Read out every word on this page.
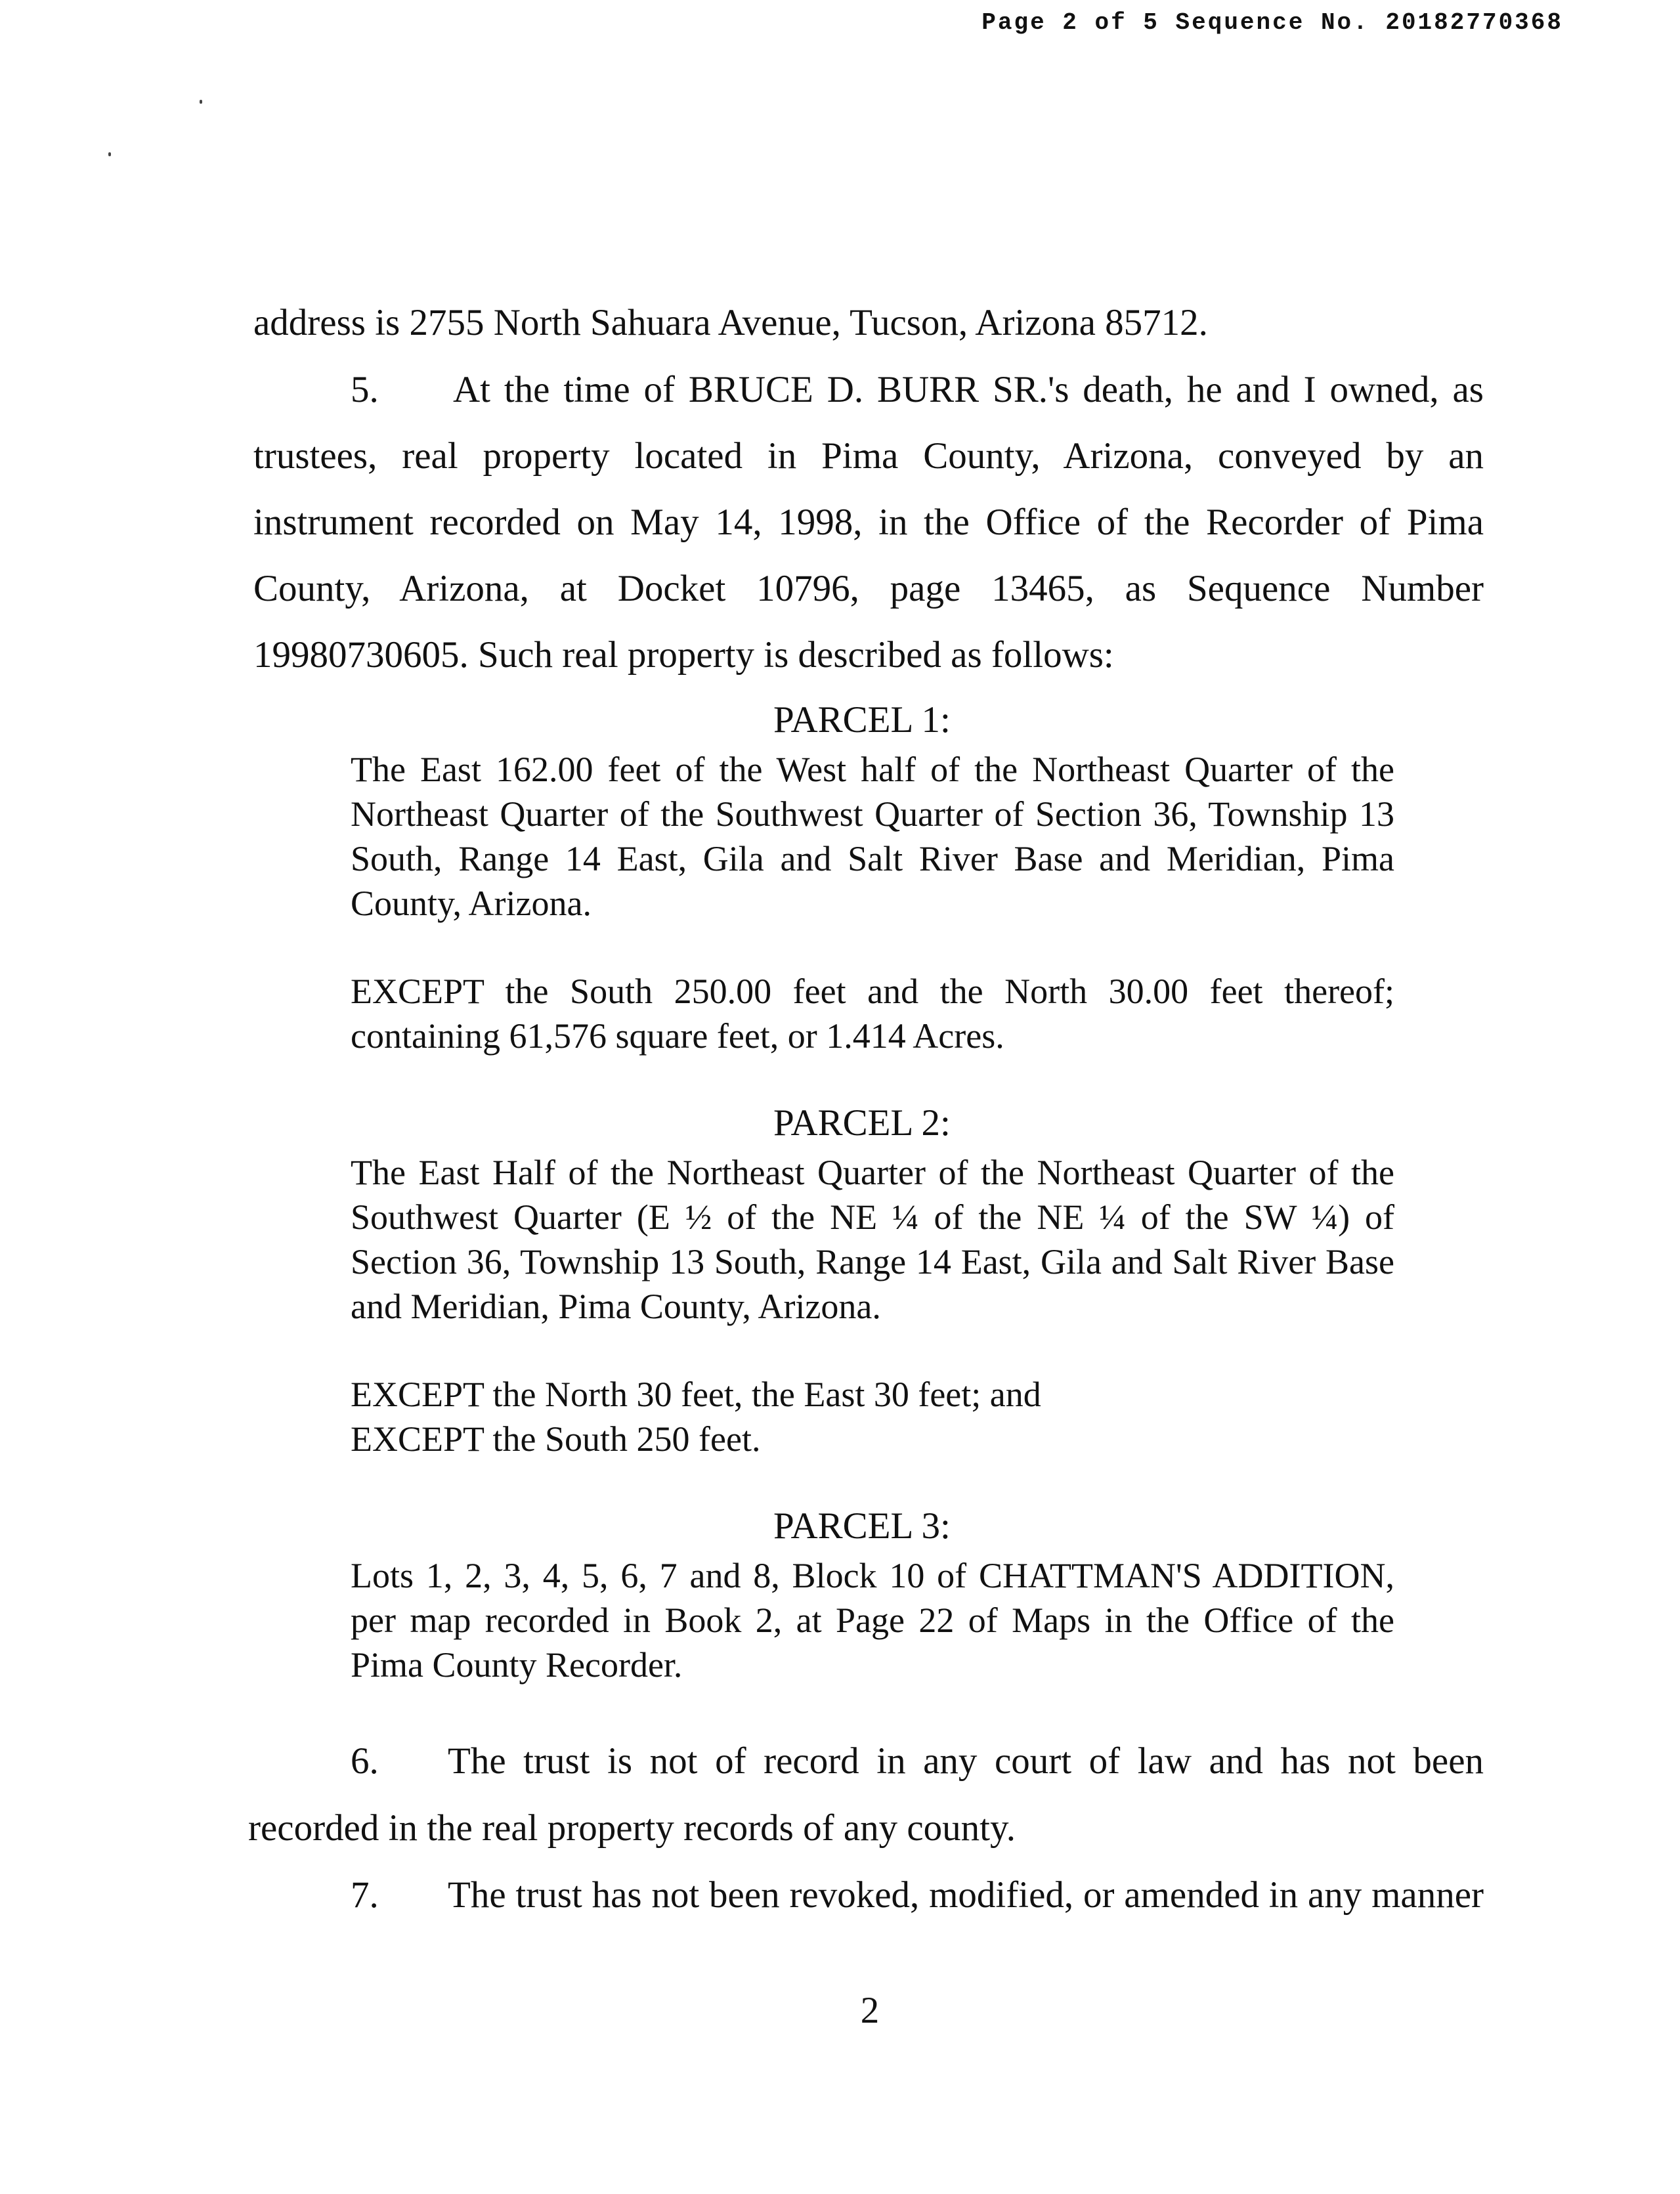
Page 2 of 5 Sequence No. 20182770368
address is 2755 North Sahuara Avenue, Tucson, Arizona 85712.
5. At the time of BRUCE D. BURR SR.'s death, he and I owned, as
trustees, real property located in Pima County, Arizona, conveyed by an
instrument recorded on May 14, 1998, in the Office of the Recorder of Pima
County, Arizona, at Docket 10796, page 13465, as Sequence Number
19980730605. Such real property is described as follows:
PARCEL 1:

The East 162.00 feet of the West half of the Northeast Quarter of the Northeast Quarter of the Southwest Quarter of Section 36, Township 13 South, Range 14 East, Gila and Salt River Base and Meridian, Pima County, Arizona.

EXCEPT the South 250.00 feet and the North 30.00 feet thereof; containing 61,576 square feet, or 1.414 Acres.

PARCEL 2:

The East Half of the Northeast Quarter of the Northeast Quarter of the Southwest Quarter (E ½ of the NE ¼ of the NE ¼ of the SW ¼) of Section 36, Township 13 South, Range 14 East, Gila and Salt River Base and Meridian, Pima County, Arizona.

EXCEPT the North 30 feet, the East 30 feet; and

EXCEPT the South 250 feet.

PARCEL 3:

Lots 1, 2, 3, 4, 5, 6, 7 and 8, Block 10 of CHATTMAN'S ADDITION, per map recorded in Book 2, at Page 22 of Maps in the Office of the Pima County Recorder.

6. The trust is not of record in any court of law and has not been
recorded in the real property records of any county.
7. The trust has not been revoked, modified, or amended in any manner
2
